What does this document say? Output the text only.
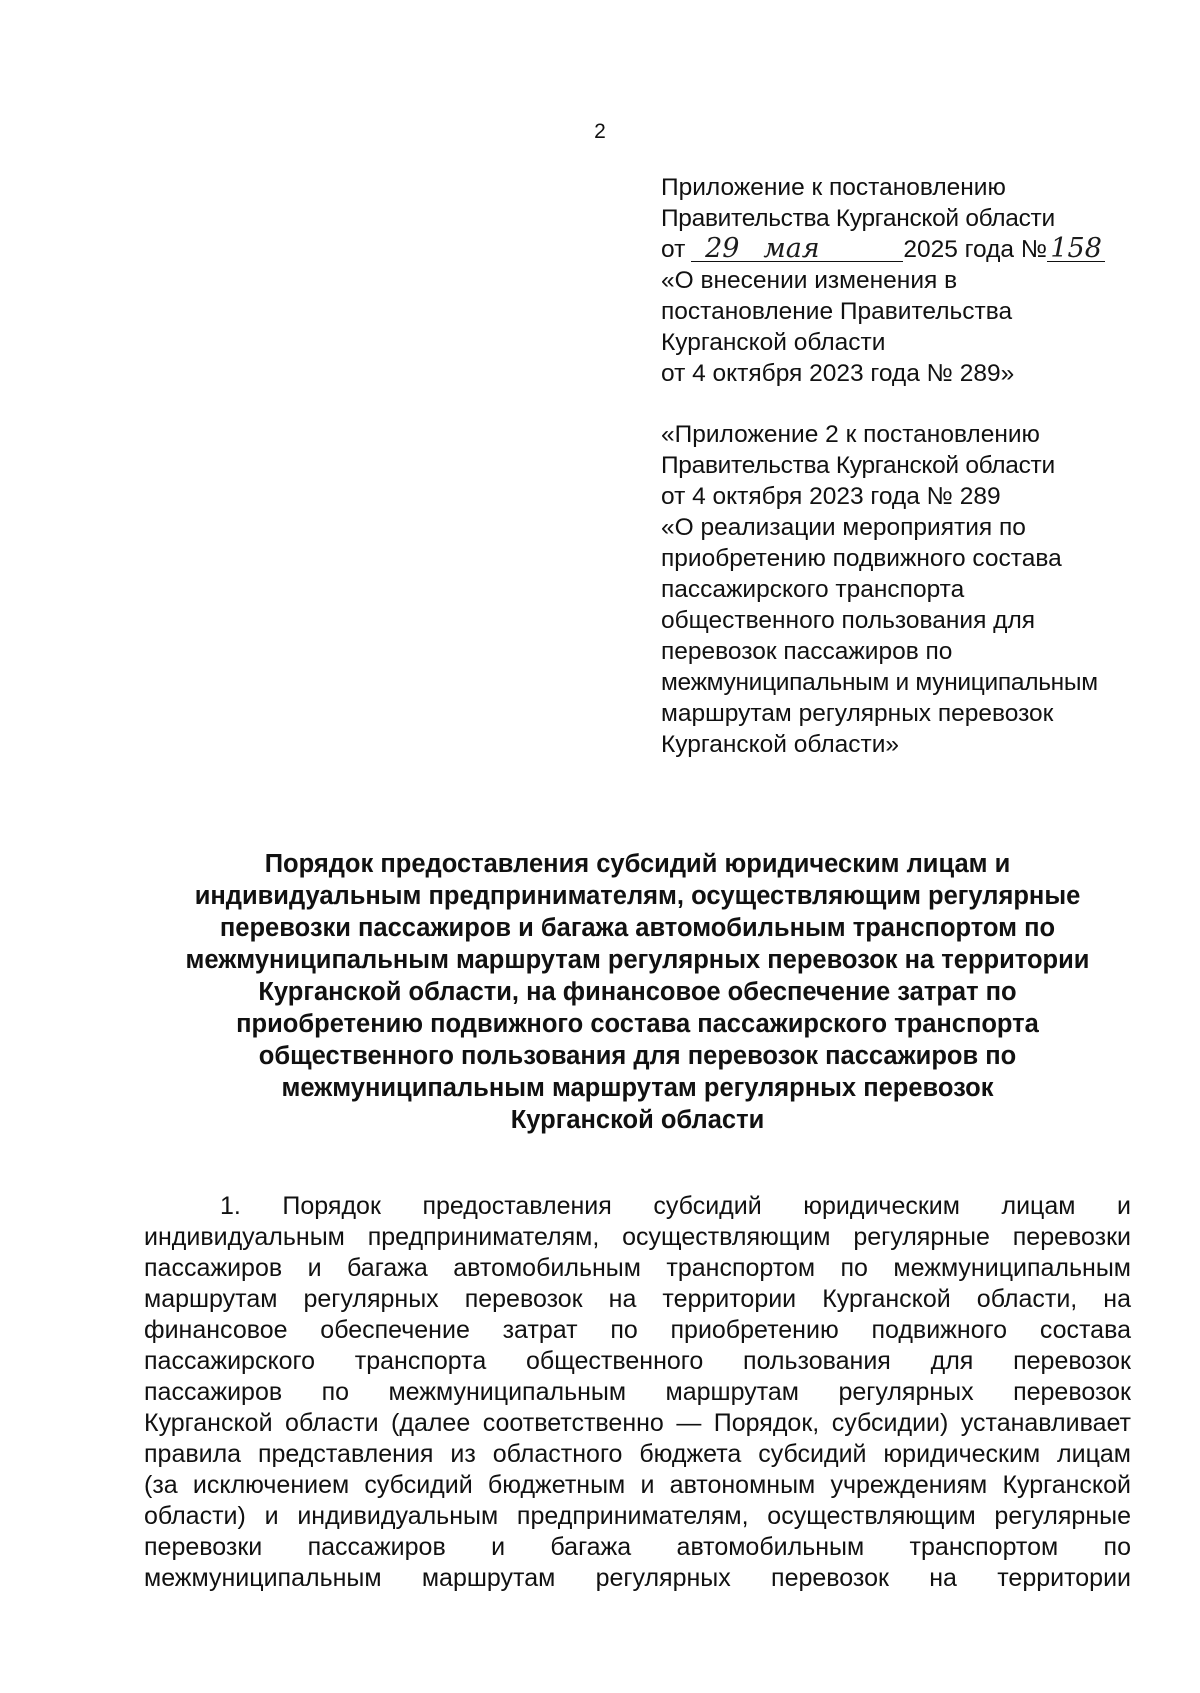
2
Приложение к постановлению
Правительства Курганской области
от 29 мая	2025 года № 158
«О внесении изменения в
постановление Правительства
Курганской области
от 4 октября 2023 года № 289»
«Приложение 2 к постановлению
Правительства Курганской области
от 4 октября 2023 года № 289
«О реализации мероприятия по
приобретению подвижного состава
пассажирского транспорта
общественного пользования для
перевозок пассажиров по
межмуниципальным и муниципальным
маршрутам регулярных перевозок
Курганской области»
Порядок предоставления субсидий юридическим лицам и
индивидуальным предпринимателям, осуществляющим регулярные
перевозки пассажиров и багажа автомобильным транспортом по
межмуниципальным маршрутам регулярных перевозок на территории
Курганской области, на финансовое обеспечение затрат по
приобретению подвижного состава пассажирского транспорта
общественного пользования для перевозок пассажиров по
межмуниципальным маршрутам регулярных перевозок
Курганской области
1. Порядок предоставления субсидий юридическим лицам и
индивидуальным предпринимателям, осуществляющим регулярные перевозки
пассажиров и багажа автомобильным транспортом по межмуниципальным
маршрутам регулярных перевозок на территории Курганской области, на
финансовое обеспечение затрат по приобретению подвижного состава
пассажирского транспорта общественного пользования для перевозок
пассажиров по межмуниципальным маршрутам регулярных перевозок
Курганской области (далее соответственно — Порядок, субсидии) устанавливает
правила представления из областного бюджета субсидий юридическим лицам
(за исключением субсидий бюджетным и автономным учреждениям Курганской
области) и индивидуальным предпринимателям, осуществляющим регулярные
перевозки пассажиров и багажа автомобильным транспортом по
межмуниципальным маршрутам регулярных перевозок на территории
